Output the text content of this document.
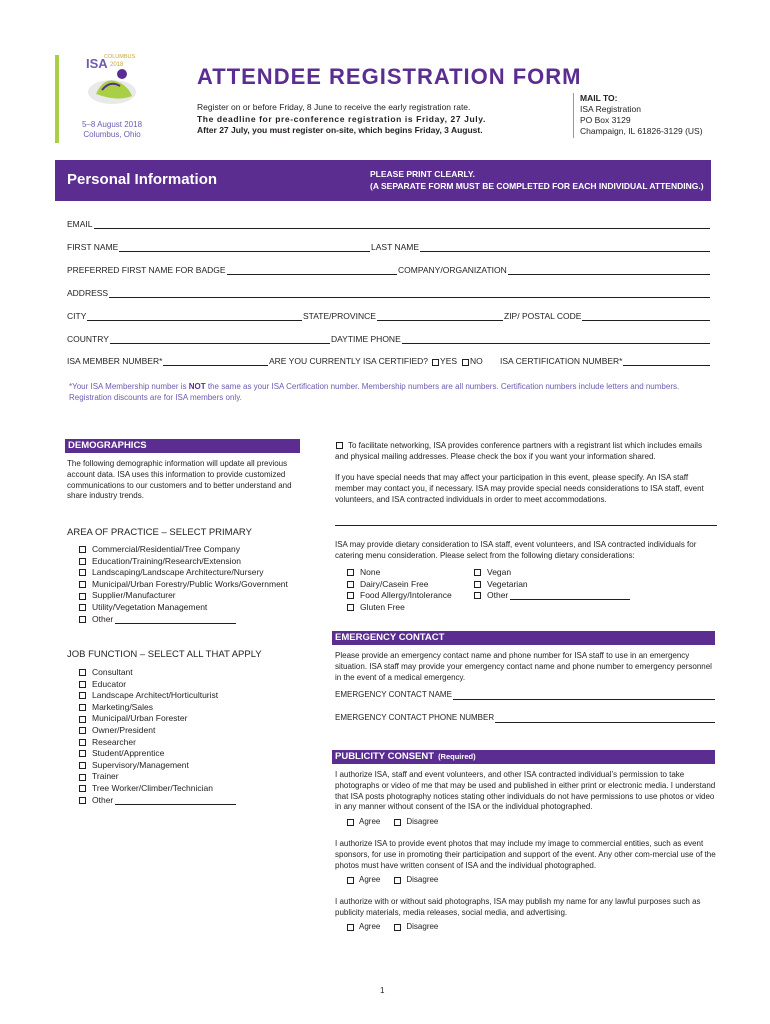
COLUMBUS
ISA 2018
5–8 August 2018
Columbus, Ohio
ATTENDEE REGISTRATION FORM
Register on or before Friday, 8 June to receive the early registration rate.
The deadline for pre-conference registration is Friday, 27 July.
After 27 July, you must register on-site, which begins Friday, 3 August.
MAIL TO:
ISA Registration
PO Box 3129
Champaign, IL 61826-3129 (US)
Personal Information	PLEASE PRINT CLEARLY.
(A SEPARATE FORM MUST BE COMPLETED FOR EACH INDIVIDUAL ATTENDING.)
EMAIL
FIRST NAME	LAST NAME
PREFERRED FIRST NAME FOR BADGE	COMPANY/ORGANIZATION
ADDRESS
CITY	STATE/PROVINCE	ZIP/ POSTAL CODE
COUNTRY	DAYTIME PHONE
ISA MEMBER NUMBER*	ARE YOU CURRENTLY ISA CERTIFIED? YES NO ISA CERTIFICATION NUMBER*
*Your ISA Membership number is NOT the same as your ISA Certification number. Membership numbers are all numbers. Certification numbers include letters and numbers.
Registration discounts are for ISA members only.
DEMOGRAPHICS
The following demographic information will update all previous account data. ISA uses this information to provide customized communications to our customers and to better understand and share industry trends.
AREA OF PRACTICE – SELECT PRIMARY
Commercial/Residential/Tree Company
Education/Training/Research/Extension
Landscaping/Landscape Architecture/Nursery
Municipal/Urban Forestry/Public Works/Government
Supplier/Manufacturer
Utility/Vegetation Management
Other
JOB FUNCTION – SELECT ALL THAT APPLY
Consultant
Educator
Landscape Architect/Horticulturist
Marketing/Sales
Municipal/Urban Forester
Owner/President
Researcher
Student/Apprentice
Supervisory/Management
Trainer
Tree Worker/Climber/Technician
Other
To facilitate networking, ISA provides conference partners with a registrant list which includes emails and physical mailing addresses. Please check the box if you want your information shared.
If you have special needs that may affect your participation in this event, please specify. An ISA staff member may contact you, if necessary. ISA may provide special needs considerations to ISA staff, event volunteers, and ISA contracted individuals in order to meet accommodations.
ISA may provide dietary consideration to ISA staff, event volunteers, and ISA contracted individuals for catering menu consideration. Please select from the following dietary considerations:
None
Dairy/Casein Free
Food Allergy/Intolerance
Gluten Free
Vegan
Vegetarian
Other
EMERGENCY CONTACT
Please provide an emergency contact name and phone number for ISA staff to use in an emergency situation. ISA staff may provide your emergency contact name and phone number to emergency personnel in the event of a medical emergency.
EMERGENCY CONTACT NAME
EMERGENCY CONTACT PHONE NUMBER
PUBLICITY CONSENT (Required)
I authorize ISA, staff and event volunteers, and other ISA contracted individual’s permission to take photographs or video of me that may be used and published in either print or electronic media. I understand that ISA posts photography notices stating other individuals do not have permissions to use photos or video in any manner without consent of the ISA or the individual photographed.
Agree	Disagree
I authorize ISA to provide event photos that may include my image to commercial entities, such as event sponsors, for use in promoting their participation and support of the event. Any other com-mercial use of the photos must have written consent of ISA and the individual photographed.
Agree	Disagree
I authorize with or without said photographs, ISA may publish my name for any lawful purposes such as publicity materials, media releases, social media, and advertising.
Agree	Disagree
1
